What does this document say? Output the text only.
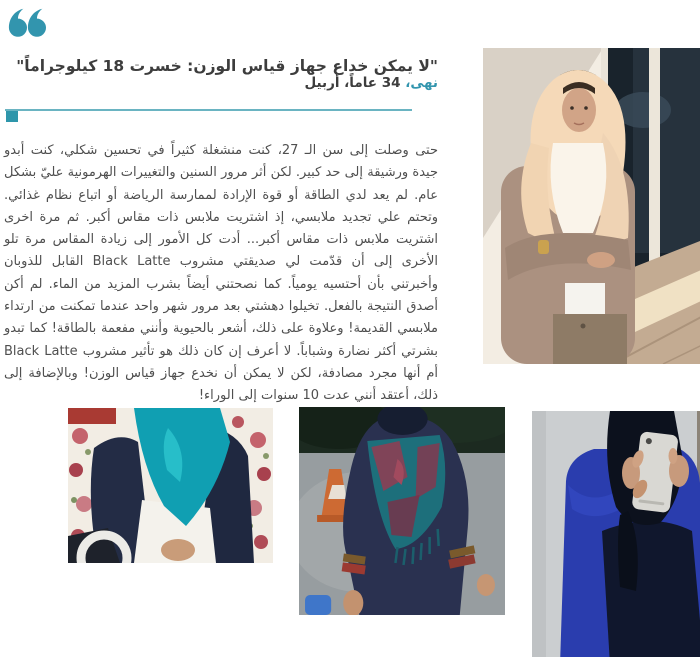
"لا يمكن خداع جهاز قياس الوزن: خسرت 18 كيلوجراماً"
نهى، 34 عاماً، أربيل

حتى وصلت إلى سن الـ 27، كنت منشغلة كثيراً في تحسين شكلي، كنت أبدو جيدة ورشيقة إلى حد كبير. لكن أثر مرور السنين والتغييرات الهرمونية عليّ بشكل عام. لم يعد لدي الطاقة أو قوة الإرادة لممارسة الرياضة أو اتباع نظام غذائي. وتحتم علي تجديد ملابسي، إذ اشتريت ملابس ذات مقاس أكبر. ثم مرة اخرى اشتريت ملابس ذات مقاس أكبر... أدت كل الأمور إلى زيادة المقاس مرة تلو الأخرى إلى أن قدّمت لي صديقتي مشروب Black Latte القابل للذوبان وأخبرتني بأن أحتسيه يومياً. كما نصحتني أيضاً بشرب المزيد من الماء. لم أكن أصدق النتيجة بالفعل. تخيلوا دهشتي بعد مرور شهر واحد عندما تمكنت من ارتداء ملابسي القديمة! وعلاوة على ذلك، أشعر بالحيوية وأنني مفعمة بالطاقة! كما تبدو بشرتي أكثر نضارة وشباباً. لا أعرف إن كان ذلك هو تأثير مشروب Black Latte أم أنها مجرد مصادفة، لكن لا يمكن أن نخدع جهاز قياس الوزن! وبالإضافة إلى ذلك، أعتقد أنني عدت 10 سنوات إلى الوراء!
